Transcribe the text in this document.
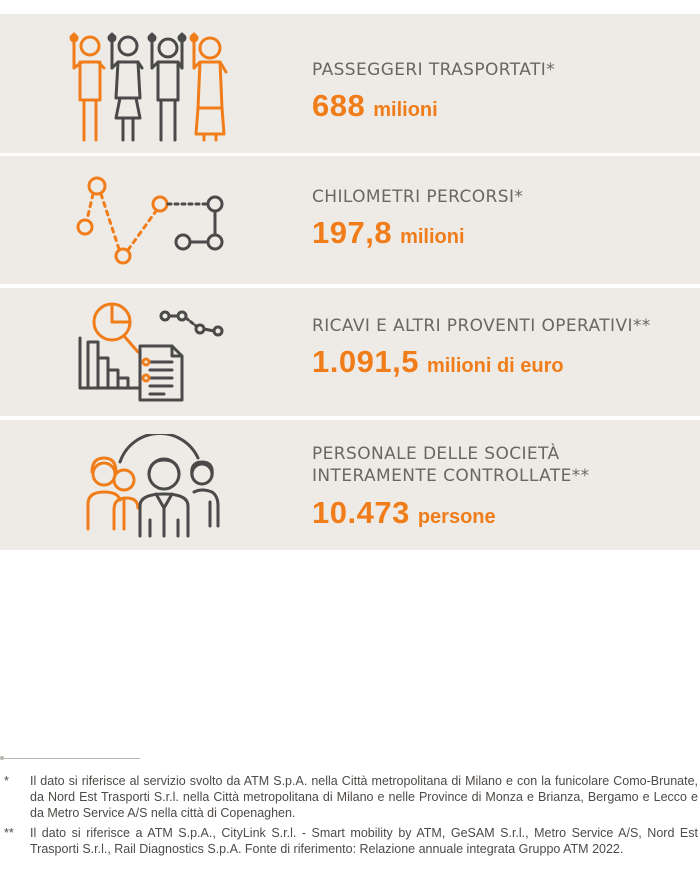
PASSEGGERI TRASPORTATI*
688 milioni
CHILOMETRI PERCORSI*
197,8 milioni
RICAVI E ALTRI PROVENTI OPERATIVI**
1.091,5 milioni di euro
PERSONALE DELLE SOCIETÀ
INTERAMENTE CONTROLLATE**
10.473 persone
* Il dato si riferisce al servizio svolto da ATM S.p.A. nella Città metropolitana di Milano e con la funicolare Como-Brunate, da Nord Est Trasporti S.r.l. nella Città metropolitana di Milano e nelle Province di Monza e Brianza, Bergamo e Lecco e da Metro Service A/S nella città di Copenaghen.
** Il dato si riferisce a ATM S.p.A., CityLink S.r.l. - Smart mobility by ATM, GeSAM S.r.l., Metro Service A/S, Nord Est Trasporti S.r.l., Rail Diagnostics S.p.A. Fonte di riferimento: Relazione annuale integrata Gruppo ATM 2022.
